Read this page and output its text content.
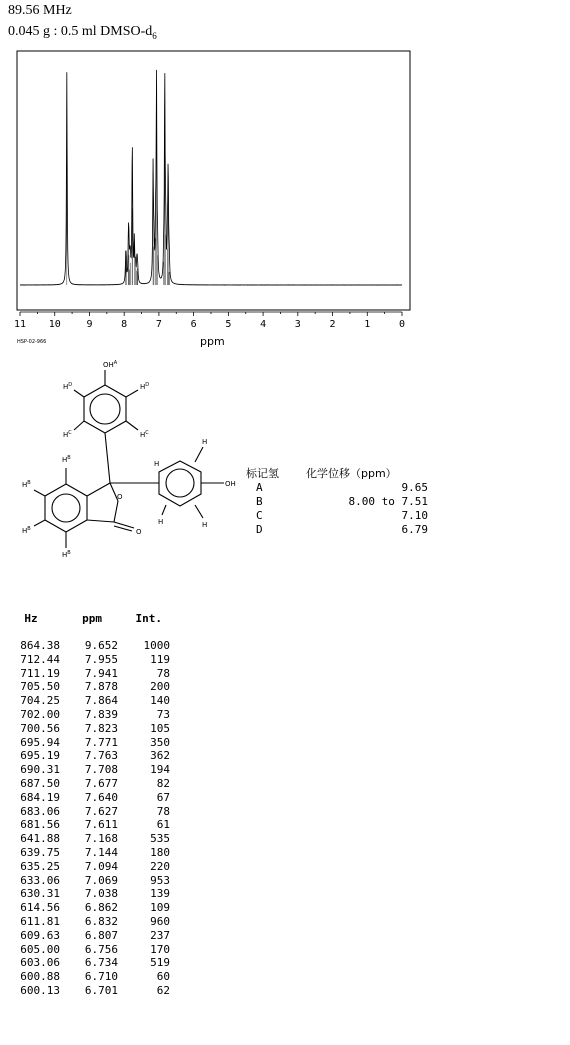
89.56 MHz
0.045 g : 0.5 ml DMSO-$d_6$
11 10	9	8	7	6	5	4	3	2	1	0
HSP-02-966	ppm
$OH^A$
$H^D$	$H^D$
$H^C$	$H^C$
$H^B$
$H^B$
$H^B$
$H^B$
H
H
H
H
OH
O
O
标记氢	化学位移（ppm）
A	9.65
B	8.00 to 7.51
C	7.10
D	6.79
Hz	ppm	Int.
864.38	9.652	1000
712.44	7.955	119
711.19	7.941	78
705.50	7.878	200
704.25	7.864	140
702.00	7.839	73
700.56	7.823	105
695.94	7.771	350
695.19	7.763	362
690.31	7.708	194
687.50	7.677	82
684.19	7.640	67
683.06	7.627	78
681.56	7.611	61
641.88	7.168	535
639.75	7.144	180
635.25	7.094	220
633.06	7.069	953
630.31	7.038	139
614.56	6.862	109
611.81	6.832	960
609.63	6.807	237
605.00	6.756	170
603.06	6.734	519
600.88	6.710	60
600.13	6.701	62
